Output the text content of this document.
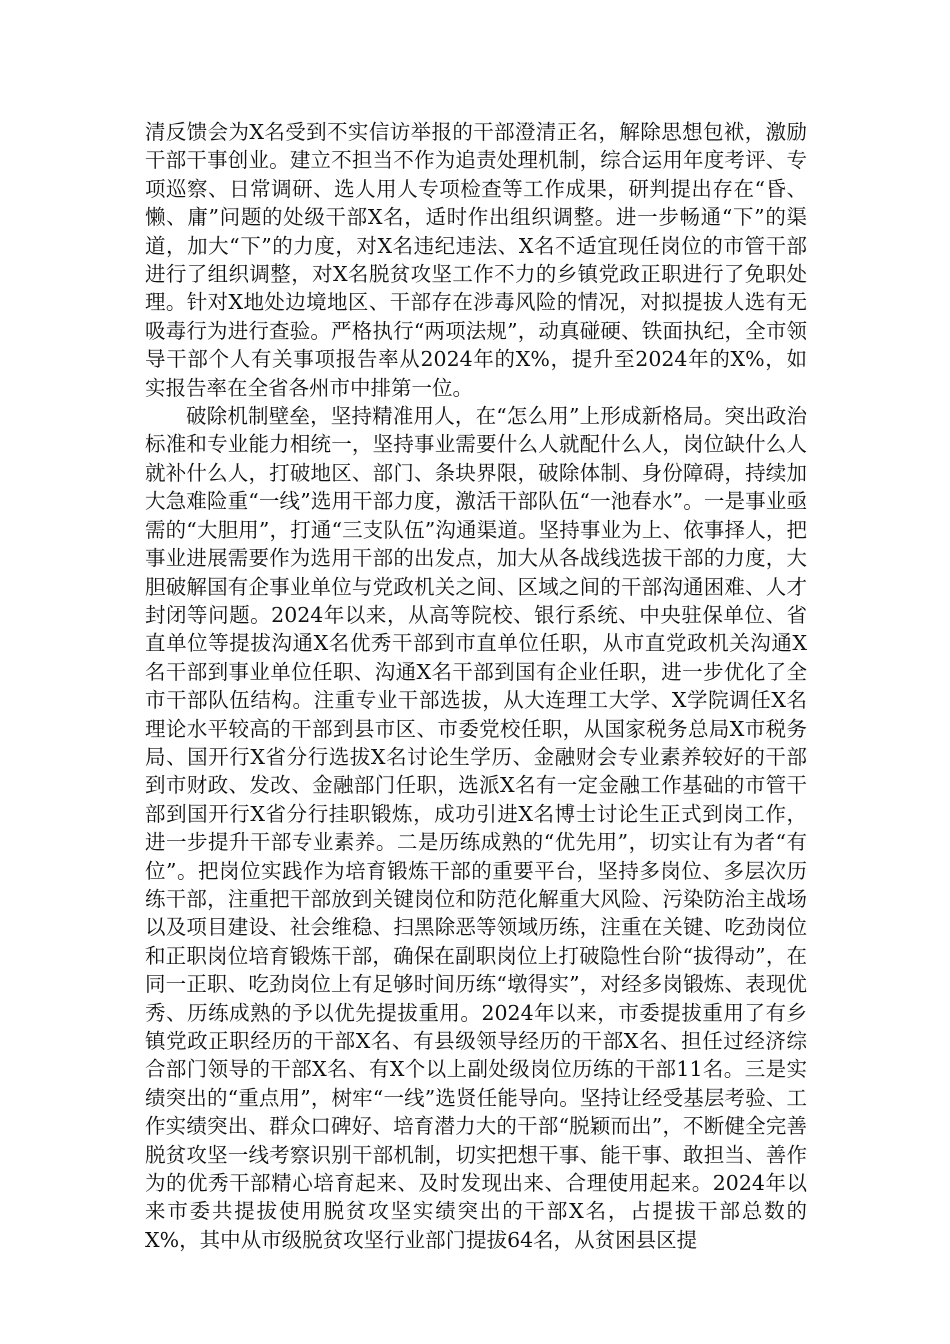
清反馈会为X名受到不实信访举报的干部澄清正名，解除思想包袱，激励干部干事创业。建立不担当不作为追责处理机制，综合运用年度考评、专项巡察、日常调研、选人用人专项检查等工作成果，研判提出存在“昏、懒、庸”问题的处级干部X名，适时作出组织调整。进一步畅通“下”的渠道，加大“下”的力度，对X名违纪违法、X名不适宜现任岗位的市管干部进行了组织调整，对X名脱贫攻坚工作不力的乡镇党政正职进行了免职处理。针对X地处边境地区、干部存在涉毒风险的情况，对拟提拔人选有无吸毒行为进行查验。严格执行“两项法规”，动真碰硬、铁面执纪，全市领导干部个人有关事项报告率从2024年的X%，提升至2024年的X%，如实报告率在全省各州市中排第一位。

破除机制壁垒，坚持精准用人，在“怎么用”上形成新格局。突出政治标准和专业能力相统一，坚持事业需要什么人就配什么人，岗位缺什么人就补什么人，打破地区、部门、条块界限，破除体制、身份障碍，持续加大急难险重“一线”选用干部力度，激活干部队伍“一池春水”。一是事业亟需的“大胆用”，打通“三支队伍”沟通渠道。坚持事业为上、依事择人，把事业进展需要作为选用干部的出发点，加大从各战线选拔干部的力度，大胆破解国有企事业单位与党政机关之间、区域之间的干部沟通困难、人才封闭等问题。2024年以来，从高等院校、银行系统、中央驻保单位、省直单位等提拔沟通X名优秀干部到市直单位任职，从市直党政机关沟通X名干部到事业单位任职、沟通X名干部到国有企业任职，进一步优化了全市干部队伍结构。注重专业干部选拔，从大连理工大学、X学院调任X名理论水平较高的干部到县市区、市委党校任职，从国家税务总局X市税务局、国开行X省分行选拔X名讨论生学历、金融财会专业素养较好的干部到市财政、发改、金融部门任职，选派X名有一定金融工作基础的市管干部到国开行X省分行挂职锻炼，成功引进X名博士讨论生正式到岗工作，进一步提升干部专业素养。二是历练成熟的“优先用”，切实让有为者“有位”。把岗位实践作为培育锻炼干部的重要平台，坚持多岗位、多层次历练干部，注重把干部放到关键岗位和防范化解重大风险、污染防治主战场以及项目建设、社会维稳、扫黑除恶等领域历练，注重在关键、吃劲岗位和正职岗位培育锻炼干部，确保在副职岗位上打破隐性台阶“拔得动”，在同一正职、吃劲岗位上有足够时间历练“墩得实”，对经多岗锻炼、表现优秀、历练成熟的予以优先提拔重用。2024年以来，市委提拔重用了有乡镇党政正职经历的干部X名、有县级领导经历的干部X名、担任过经济综合部门领导的干部X名、有X个以上副处级岗位历练的干部11名。三是实绩突出的“重点用”，树牢“一线”选贤任能导向。坚持让经受基层考验、工作实绩突出、群众口碑好、培育潜力大的干部“脱颖而出”，不断健全完善脱贫攻坚一线考察识别干部机制，切实把想干事、能干事、敢担当、善作为的优秀干部精心培育起来、及时发现出来、合理使用起来。2024年以来市委共提拔使用脱贫攻坚实绩突出的干部X名，占提拔干部总数的X%，其中从市级脱贫攻坚行业部门提拔64名，从贫困县区提
